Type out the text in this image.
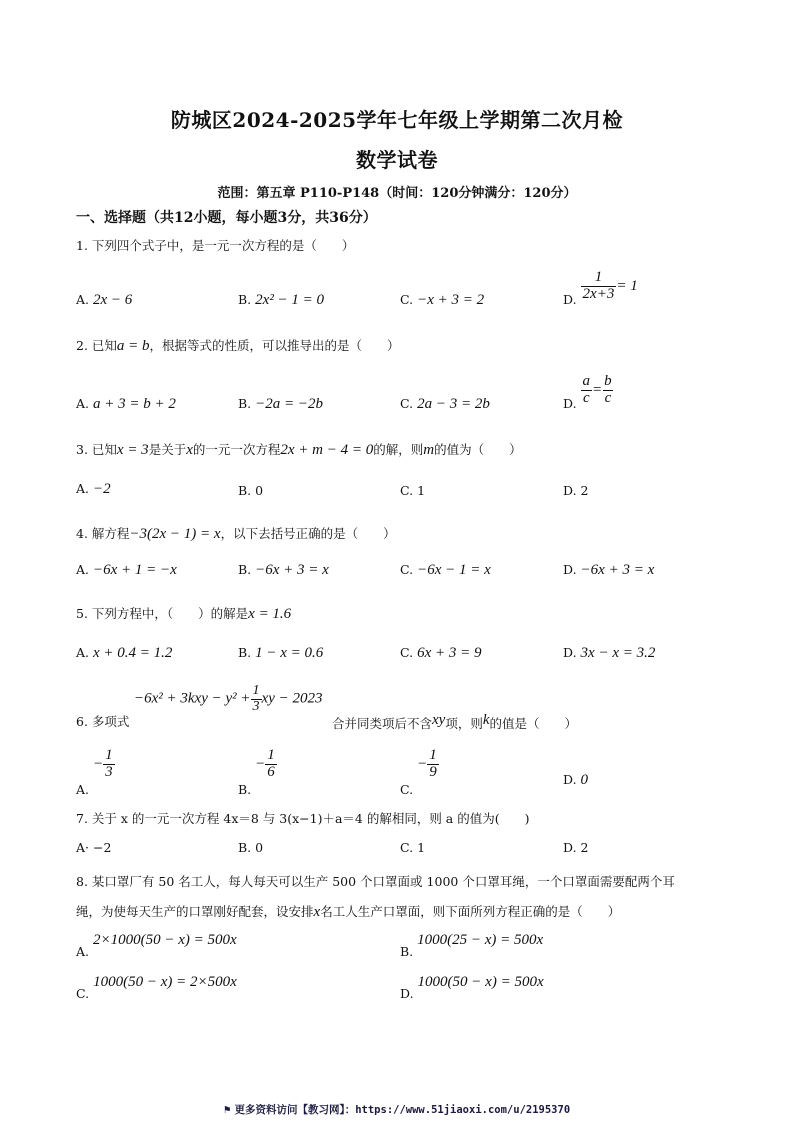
防城区2024-2025学年七年级上学期第二次月检
数学试卷
范围：第五章 P110-P148（时间：120分钟满分：120分）
一、选择题（共12小题，每小题3分，共36分）
1. 下列四个式子中，是一元一次方程的是（　　）
A. 2x − 6	B. 2x² − 1 = 0	C. −x + 3 = 2	D. $\frac{1}{2x+3} = 1$
2. 已知a = b，根据等式的性质，可以推导出的是（　　）
A. a + 3 = b + 2	B. −2a = −2b	C. 2a − 3 = 2b	D. $\frac{a}{c} = \frac{b}{c}$
3. 已知x = 3是关于x的一元一次方程2x + m − 4 = 0的解，则m的值为（　　）
A. −2	B. 0	C. 1	D. 2
4. 解方程−3(2x − 1) = x，以下去括号正确的是（　　）
A. −6x + 1 = −x	B. −6x + 3 = x	C. −6x − 1 = x	D. −6x + 3 = x
5. 下列方程中，（　　）的解是x = 1.6
A. x + 0.4 = 1.2	B. 1 − x = 0.6	C. 6x + 3 = 9	D. 3x − x = 3.2
6. 多项式
$-6x^2 + 3kxy - y^2 + \frac{1}{3}$ xy − 2023
合并同类项后不含xy项，则k的值是（　　）
A. − $\frac{1}{3}$
B. − $\frac{1}{6}$
C. − $\frac{1}{9}$	D. 0
7. 关于 x 的一元一次方程 4x＝8 与 3(x−1)＋a＝4 的解相同，则 a 的值为(　　)
A· −2	B. 0	C. 1	D. 2
8. 某口罩厂有 50 名工人，每人每天可以生产 500 个口罩面或 1000 个口罩耳绳，一个口罩面需要配两个耳
绳，为使每天生产的口罩刚好配套，设安排x名工人生产口罩面，则下面所列方程正确的是（　　）
A. 2×1000(50 − x) = 500x
B. 1000(25 − x) = 500x
C. 1000(50 − x) = 2×500x
D. 1000(50 − x) = 500x
⚑ 更多资料访问【教习网】：https://www.51jiaoxi.com/u/2195370
